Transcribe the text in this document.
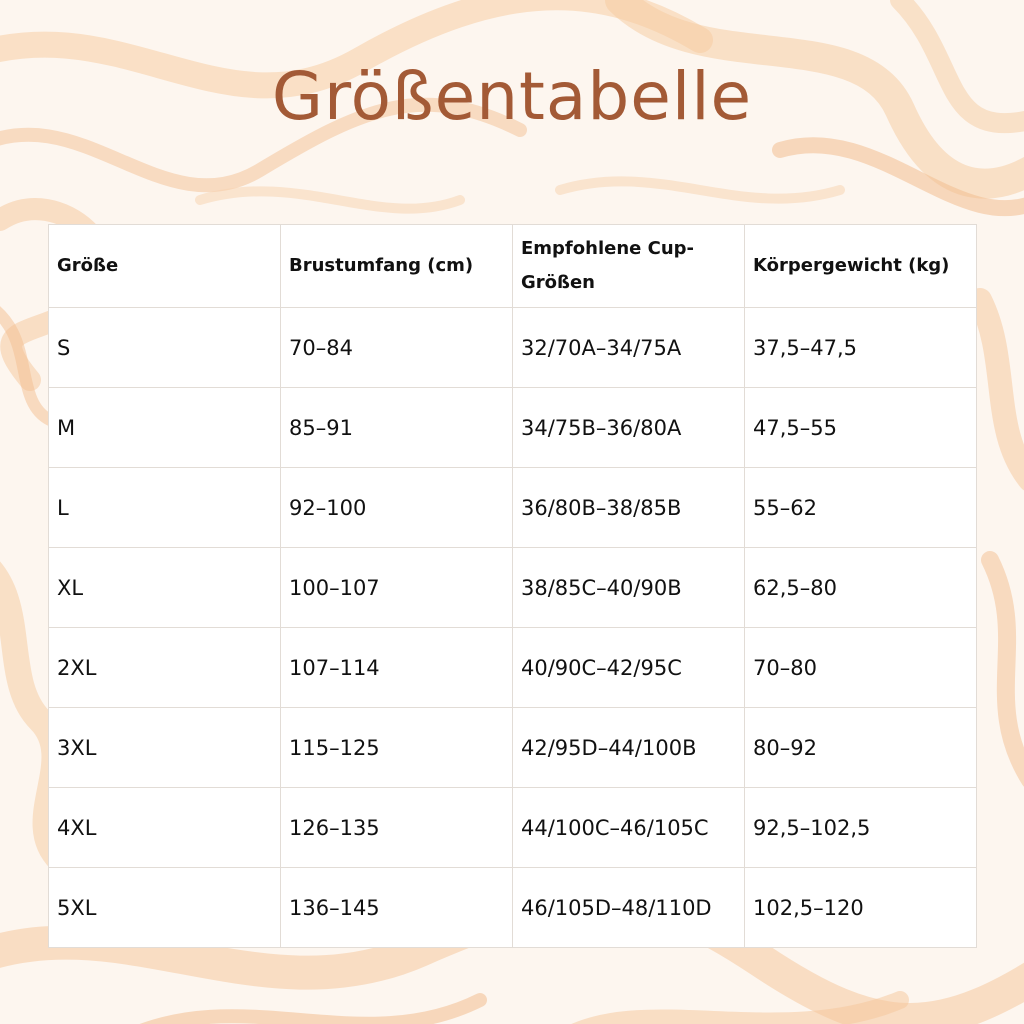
Größentabelle
Größe	Brustumfang (cm)	Empfohlene Cup-Größen	Körpergewicht (kg)
S	70–84	32/70A–34/75A	37,5–47,5
M	85–91	34/75B–36/80A	47,5–55
L	92–100	36/80B–38/85B	55–62
XL	100–107	38/85C–40/90B	62,5–80
2XL	107–114	40/90C–42/95C	70–80
3XL	115–125	42/95D–44/100B	80–92
4XL	126–135	44/100C–46/105C	92,5–102,5
5XL	136–145	46/105D–48/110D	102,5–120
